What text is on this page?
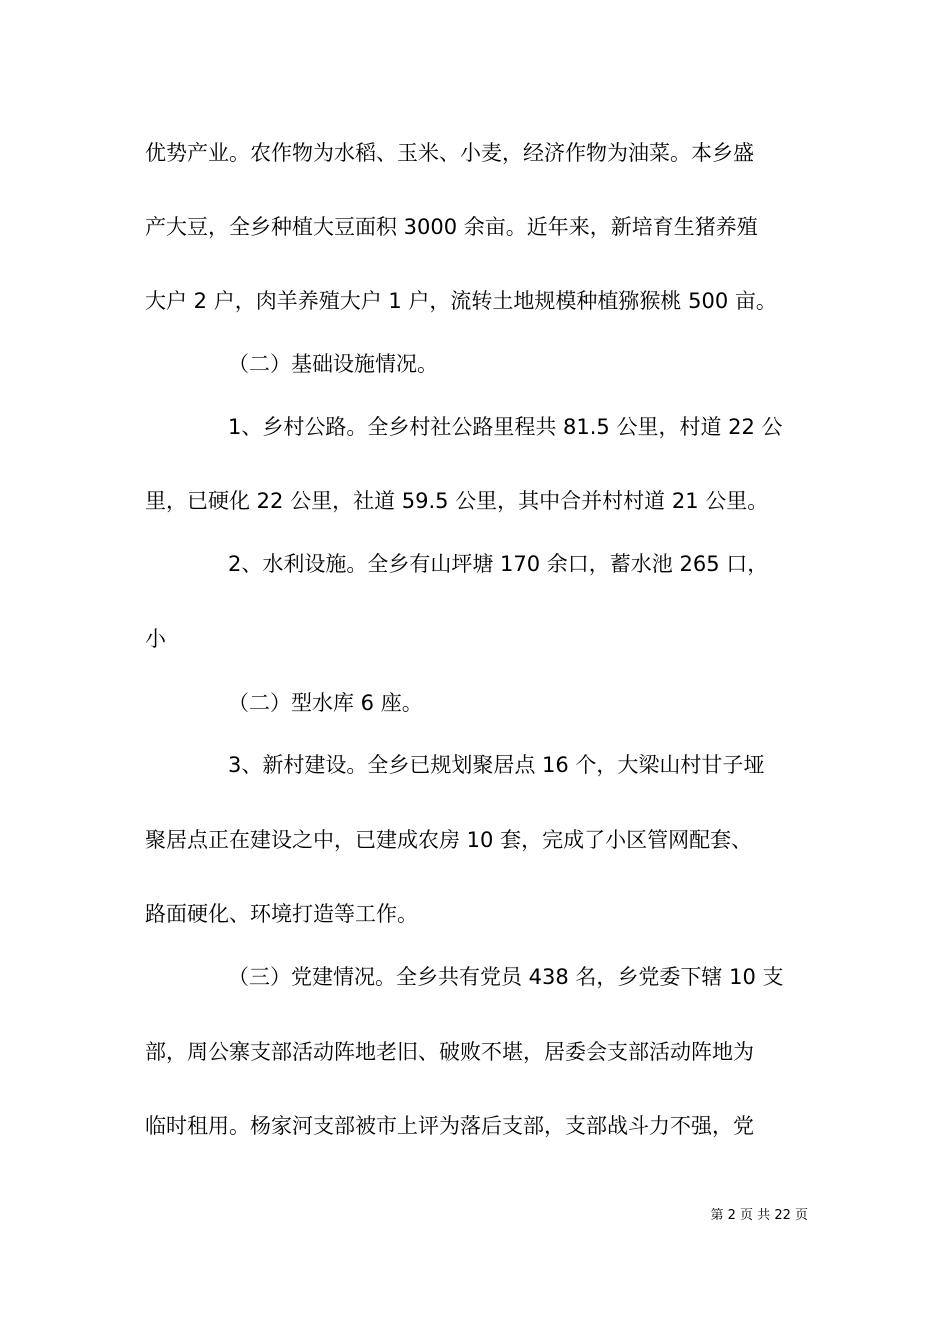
优势产业。农作物为水稻、玉米、小麦，经济作物为油菜。本乡盛
产大豆，全乡种植大豆面积 3000 余亩。近年来，新培育生猪养殖
大户 2 户，肉羊养殖大户 1 户，流转土地规模种植猕猴桃 500 亩。
（二）基础设施情况。
1、乡村公路。全乡村社公路里程共 81.5 公里，村道 22 公
里，已硬化 22 公里，社道 59.5 公里，其中合并村村道 21 公里。
2、水利设施。全乡有山坪塘 170 余口，蓄水池 265 口，
小
（二）型水库 6 座。
3、新村建设。全乡已规划聚居点 16 个，大梁山村甘子垭
聚居点正在建设之中，已建成农房 10 套，完成了小区管网配套、
路面硬化、环境打造等工作。
（三）党建情况。全乡共有党员 438 名，乡党委下辖 10 支
部，周公寨支部活动阵地老旧、破败不堪，居委会支部活动阵地为
临时租用。杨家河支部被市上评为落后支部，支部战斗力不强，党
第 2 页 共 22 页
